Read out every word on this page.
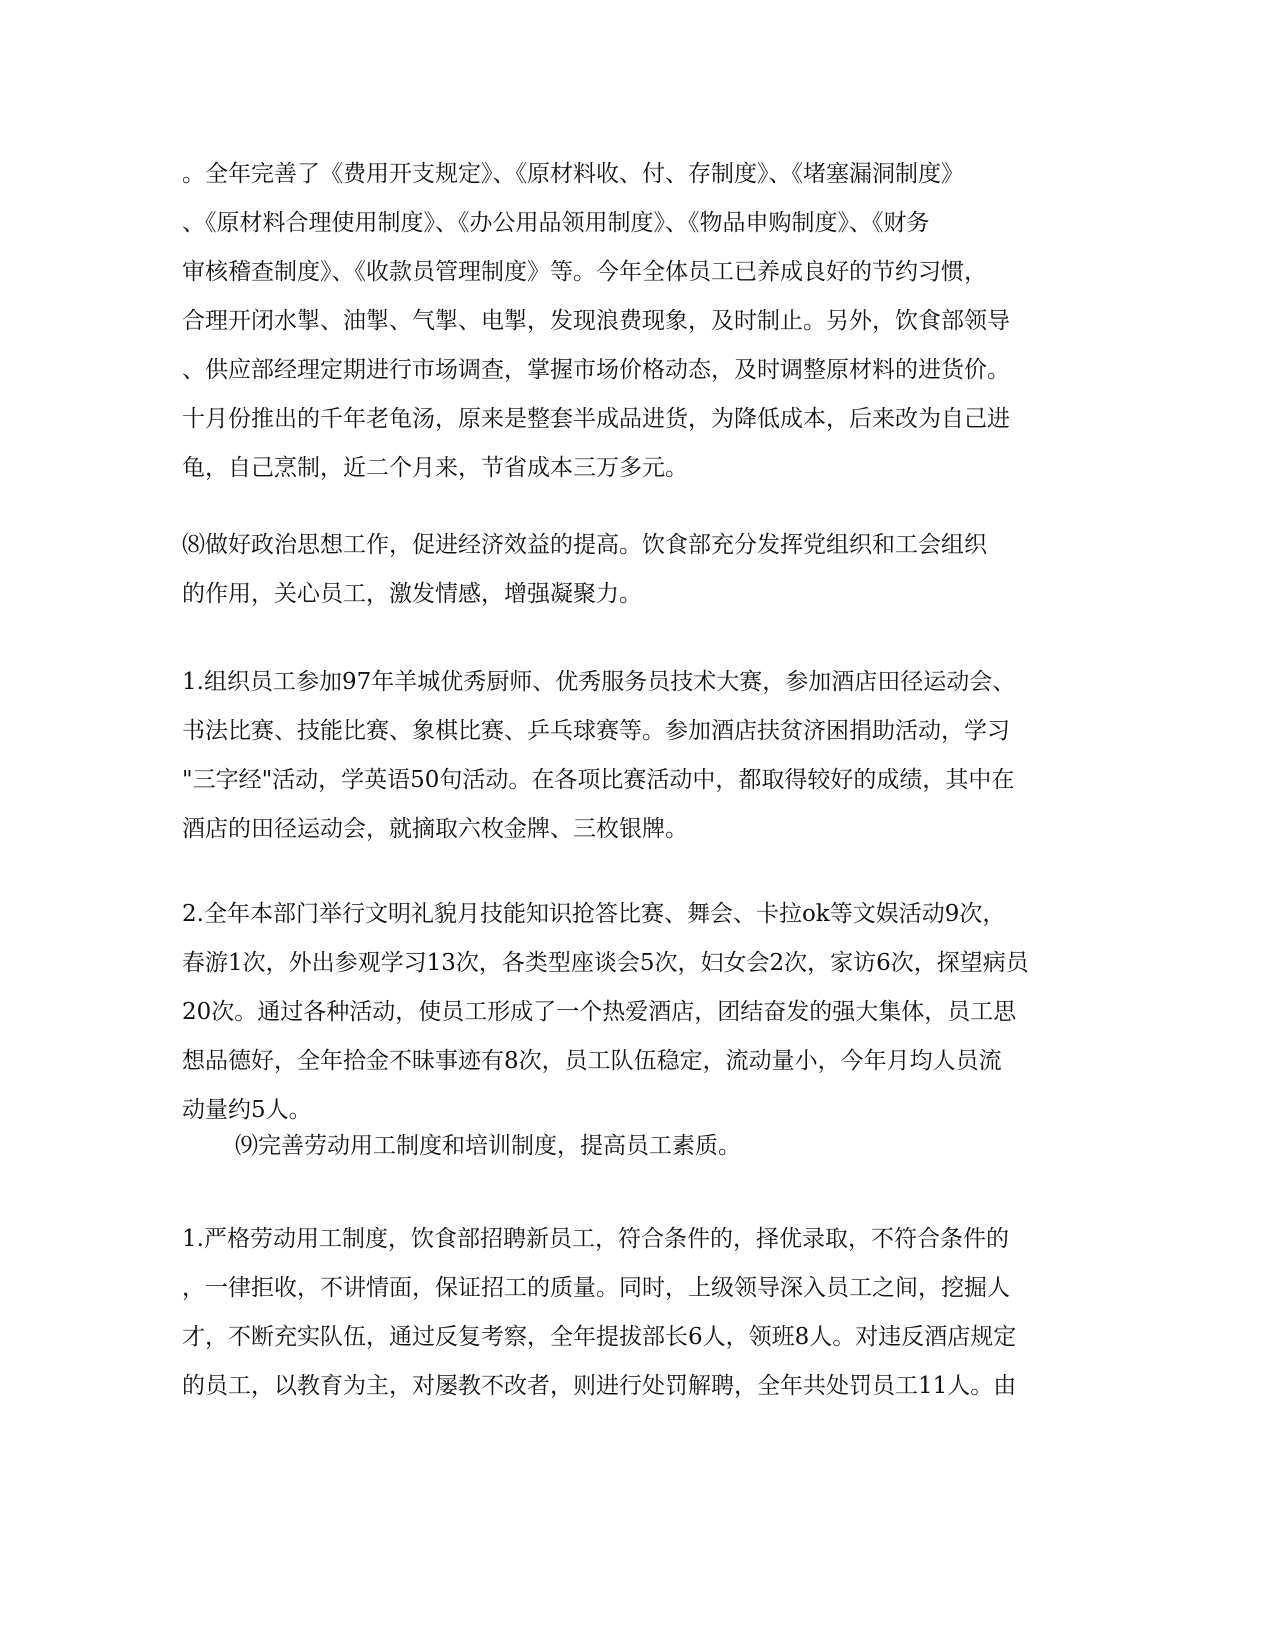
。全年完善了《费用开支规定》、《原材料收、付、存制度》、《堵塞漏洞制度》
、《原材料合理使用制度》、《办公用品领用制度》、《物品申购制度》、《财务
审核稽查制度》、《收款员管理制度》等。今年全体员工已养成良好的节约习惯，
合理开闭水掣、油掣、气掣、电掣，发现浪费现象，及时制止。另外，饮食部领导
、供应部经理定期进行市场调查，掌握市场价格动态，及时调整原材料的进货价。
十月份推出的千年老龟汤，原来是整套半成品进货，为降低成本，后来改为自己进
龟，自己烹制，近二个月来，节省成本三万多元。
⑻做好政治思想工作，促进经济效益的提高。饮食部充分发挥党组织和工会组织
的作用，关心员工，激发情感，增强凝聚力。
1.组织员工参加97年羊城优秀厨师、优秀服务员技术大赛，参加酒店田径运动会、
书法比赛、技能比赛、象棋比赛、乒乓球赛等。参加酒店扶贫济困捐助活动，学习
"三字经"活动，学英语50句活动。在各项比赛活动中，都取得较好的成绩，其中在
酒店的田径运动会，就摘取六枚金牌、三枚银牌。
2.全年本部门举行文明礼貌月技能知识抢答比赛、舞会、卡拉ok等文娱活动9次，
春游1次，外出参观学习13次，各类型座谈会5次，妇女会2次，家访6次，探望病员
20次。通过各种活动，使员工形成了一个热爱酒店，团结奋发的强大集体，员工思
想品德好，全年拾金不昧事迹有8次，员工队伍稳定，流动量小，今年月均人员流
动量约5人。
⑼完善劳动用工制度和培训制度，提高员工素质。
1.严格劳动用工制度，饮食部招聘新员工，符合条件的，择优录取，不符合条件的
，一律拒收，不讲情面，保证招工的质量。同时，上级领导深入员工之间，挖掘人
才，不断充实队伍，通过反复考察，全年提拔部长6人，领班8人。对违反酒店规定
的员工，以教育为主，对屡教不改者，则进行处罚解聘，全年共处罚员工11人。由
